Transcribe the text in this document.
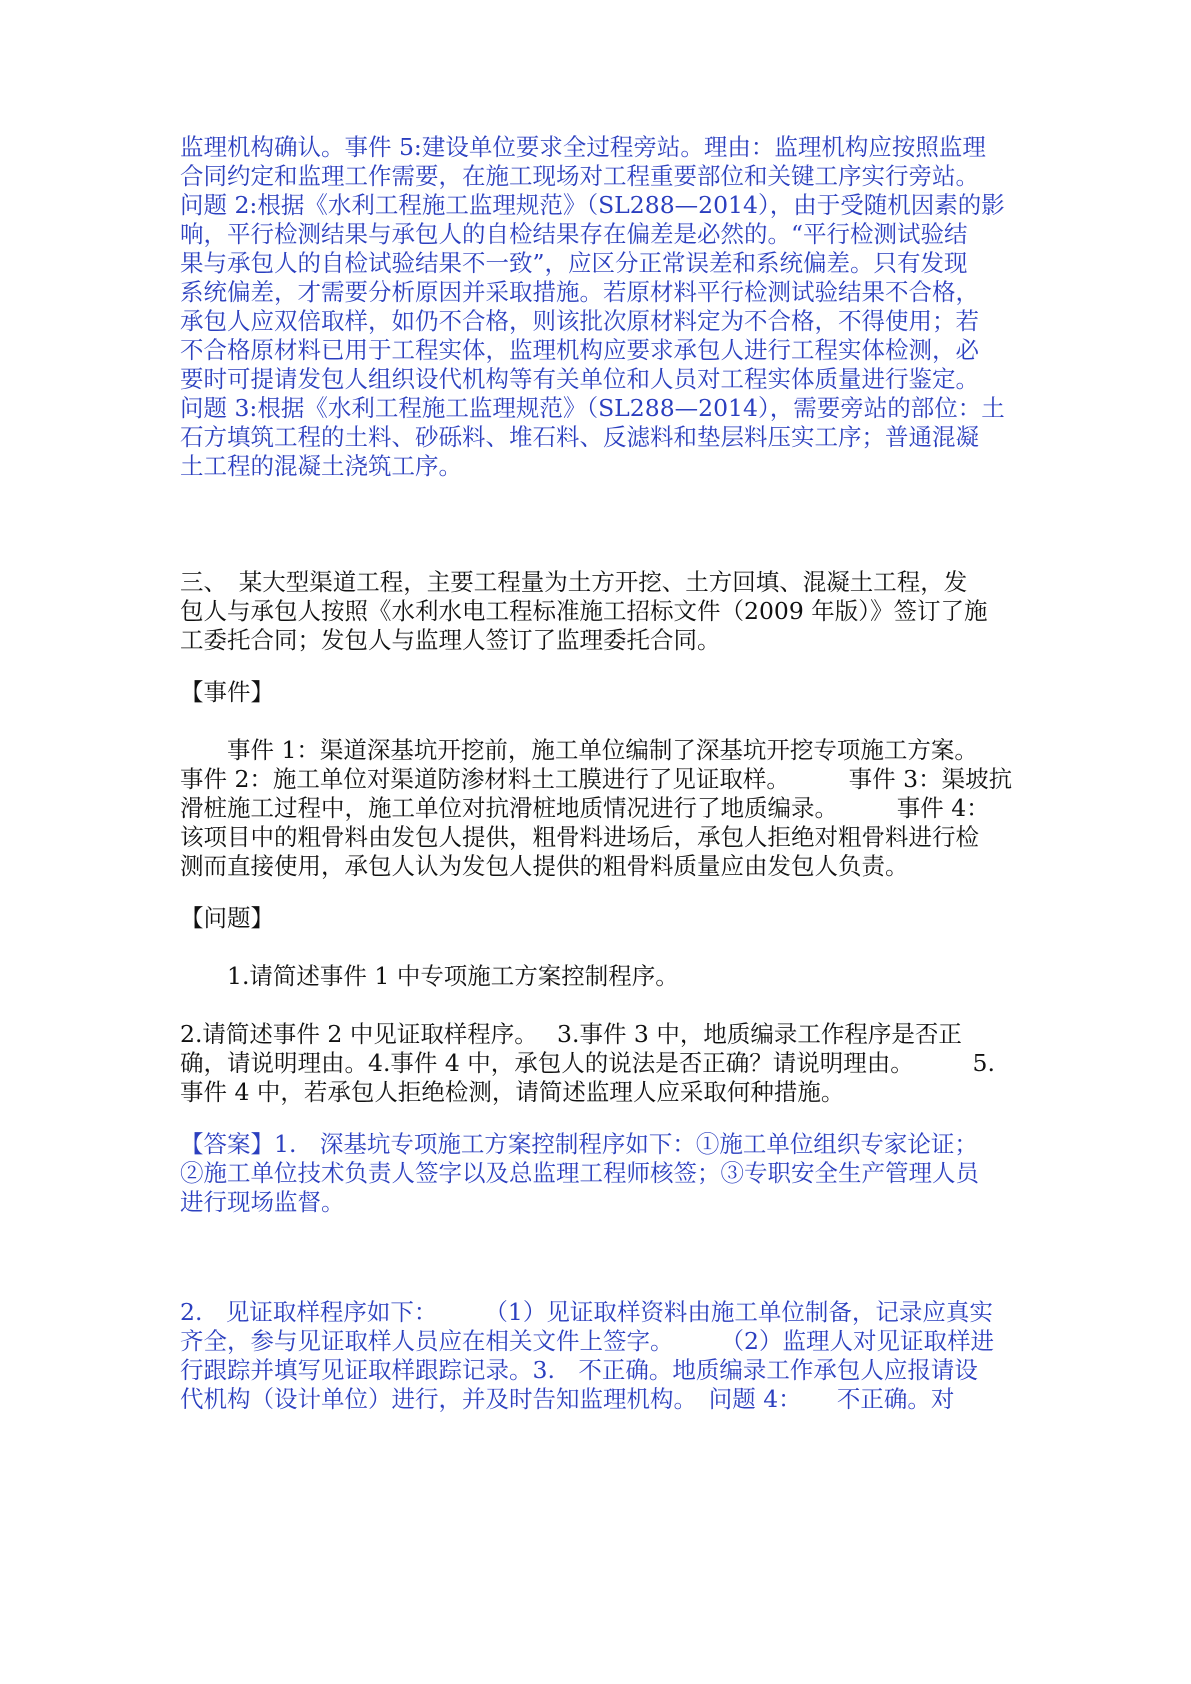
监理机构确认。事件 5:建设单位要求全过程旁站。理由：监理机构应按照监理
合同约定和监理工作需要，在施工现场对工程重要部位和关键工序实行旁站。
问题 2:根据《水利工程施工监理规范》（SL288—2014），由于受随机因素的影
响，平行检测结果与承包人的自检结果存在偏差是必然的。“平行检测试验结
果与承包人的自检试验结果不一致”，应区分正常误差和系统偏差。只有发现
系统偏差，才需要分析原因并采取措施。若原材料平行检测试验结果不合格，
承包人应双倍取样，如仍不合格，则该批次原材料定为不合格，不得使用；若
不合格原材料已用于工程实体，监理机构应要求承包人进行工程实体检测，必
要时可提请发包人组织设代机构等有关单位和人员对工程实体质量进行鉴定。
问题 3:根据《水利工程施工监理规范》（SL288—2014），需要旁站的部位：土
石方填筑工程的土料、砂砾料、堆石料、反滤料和垫层料压实工序；普通混凝
土工程的混凝土浇筑工序。
三、　某大型渠道工程，主要工程量为土方开挖、土方回填、混凝土工程，发
包人与承包人按照《水利水电工程标准施工招标文件（2009 年版）》签订了施
工委托合同；发包人与监理人签订了监理委托合同。
【事件】
　　事件 1：渠道深基坑开挖前，施工单位编制了深基坑开挖专项施工方案。
事件 2：施工单位对渠道防渗材料土工膜进行了见证取样。　　　事件 3：渠坡抗
滑桩施工过程中，施工单位对抗滑桩地质情况进行了地质编录。　　　事件 4：
该项目中的粗骨料由发包人提供，粗骨料进场后，承包人拒绝对粗骨料进行检
测而直接使用，承包人认为发包人提供的粗骨料质量应由发包人负责。
【问题】
　　1.请简述事件 1 中专项施工方案控制程序。
2.请简述事件 2 中见证取样程序。　 3.事件 3 中，地质编录工作程序是否正
确，请说明理由。4.事件 4 中，承包人的说法是否正确？请说明理由。　　　5.
事件 4 中，若承包人拒绝检测，请简述监理人应采取何种措施。
【答案】1.　深基坑专项施工方案控制程序如下：①施工单位组织专家论证；
②施工单位技术负责人签字以及总监理工程师核签；③专职安全生产管理人员
进行现场监督。
2.　见证取样程序如下：　　　（1）见证取样资料由施工单位制备，记录应真实
齐全，参与见证取样人员应在相关文件上签字。　　　（2）监理人对见证取样进
行跟踪并填写见证取样跟踪记录。3.　不正确。地质编录工作承包人应报请设
代机构（设计单位）进行，并及时告知监理机构。　问题 4：　　不正确。对
